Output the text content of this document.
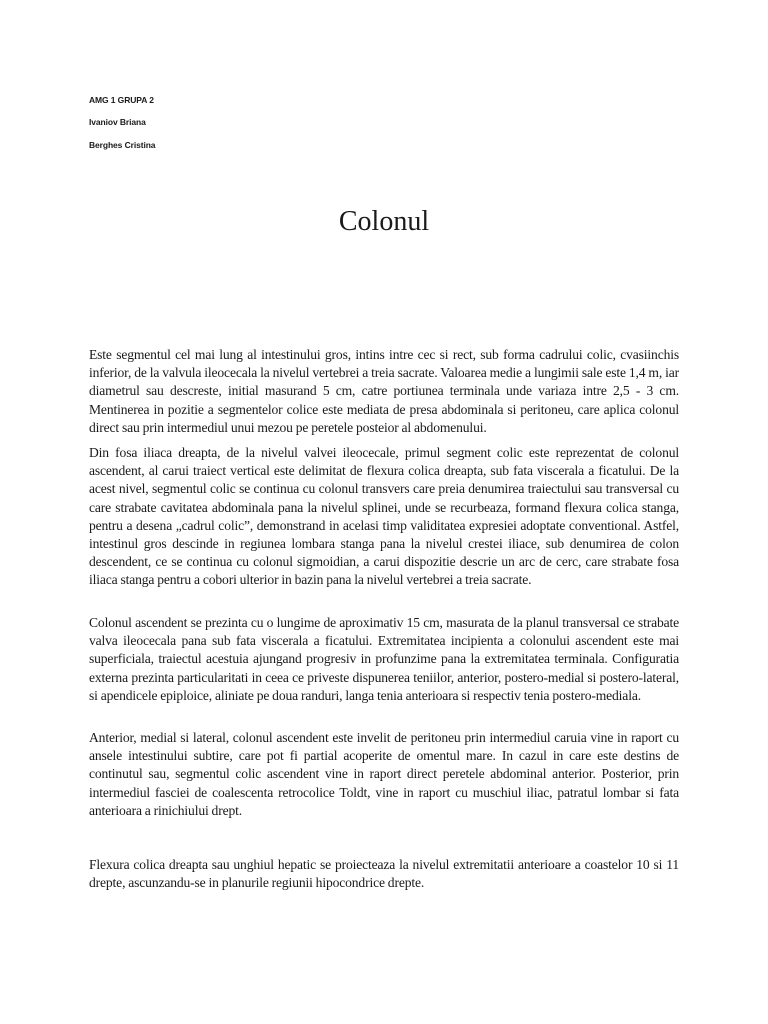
AMG 1 GRUPA 2
Ivaniov Briana
Berghes Cristina
Colonul

Este segmentul cel mai lung al intestinului gros, intins intre cec si rect, sub forma cadrului colic, cvasiinchis inferior, de la valvula ileocecala la nivelul vertebrei a treia sacrate. Valoarea medie a lungimii sale este 1,4 m, iar diametrul sau descreste, initial masurand 5 cm, catre portiunea terminala unde variaza intre 2,5 - 3 cm. Mentinerea in pozitie a segmentelor colice este mediata de presa abdominala si peritoneu, care aplica colonul direct sau prin intermediul unui mezou pe peretele posteior al abdomenului.

Din fosa iliaca dreapta, de la nivelul valvei ileocecale, primul segment colic este reprezentat de colonul ascendent, al carui traiect vertical este delimitat de flexura colica dreapta, sub fata viscerala a ficatului. De la acest nivel, segmentul colic se continua cu colonul transvers care preia denumirea traiectului sau transversal cu care strabate cavitatea abdominala pana la nivelul splinei, unde se recurbeaza, formand flexura colica stanga, pentru a desena „cadrul colic”, demonstrand in acelasi timp validitatea expresiei adoptate conventional. Astfel, intestinul gros descinde in regiunea lombara stanga pana la nivelul crestei iliace, sub denumirea de colon descendent, ce se continua cu colonul sigmoidian, a carui dispozitie descrie un arc de cerc, care strabate fosa iliaca stanga pentru a cobori ulterior in bazin pana la nivelul vertebrei a treia sacrate.

Colonul ascendent se prezinta cu o lungime de aproximativ 15 cm, masurata de la planul transversal ce strabate valva ileocecala pana sub fata viscerala a ficatului. Extremitatea incipienta a colonului ascendent este mai superficiala, traiectul acestuia ajungand progresiv in profunzime pana la extremitatea terminala. Configuratia externa prezinta particularitati in ceea ce priveste dispunerea teniilor, anterior, postero-medial si postero-lateral, si apendicele epiploice, aliniate pe doua randuri, langa tenia anterioara si respectiv tenia postero-mediala.

Anterior, medial si lateral, colonul ascendent este invelit de peritoneu prin intermediul caruia vine in raport cu ansele intestinului subtire, care pot fi partial acoperite de omentul mare. In cazul in care este destins de continutul sau, segmentul colic ascendent vine in raport direct peretele abdominal anterior. Posterior, prin intermediul fasciei de coalescenta retrocolice Toldt, vine in raport cu muschiul iliac, patratul lombar si fata anterioara a rinichiului drept.

Flexura colica dreapta sau unghiul hepatic se proiecteaza la nivelul extremitatii anterioare a coastelor 10 si 11 drepte, ascunzandu-se in planurile regiunii hipocondrice drepte.
